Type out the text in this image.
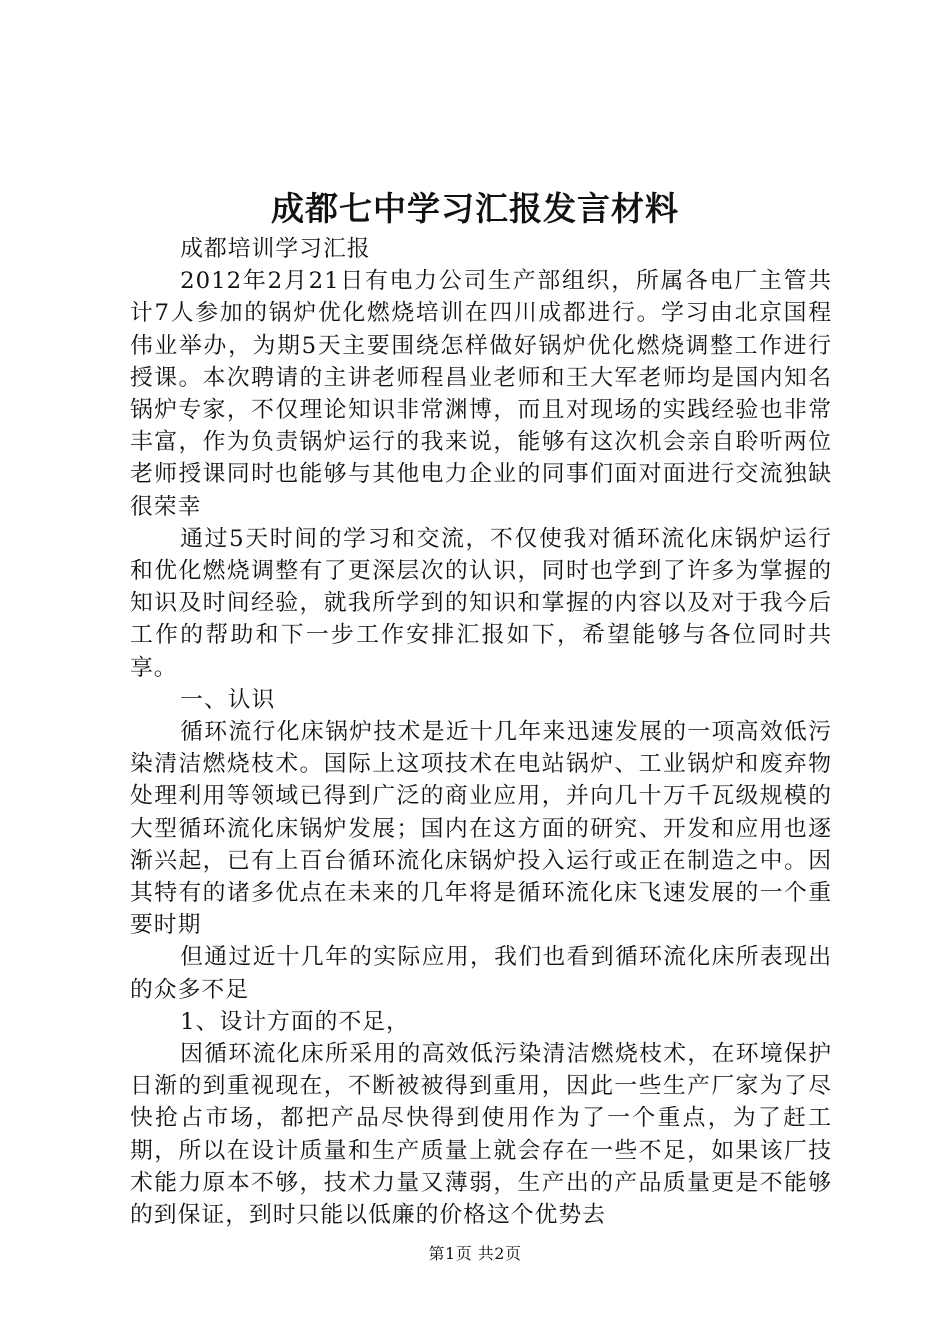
成都七中学习汇报发言材料

成都培训学习汇报

2012年2月21日有电力公司生产部组织，所属各电厂主管共计7人参加的锅炉优化燃烧培训在四川成都进行。学习由北京国程伟业举办，为期5天主要围绕怎样做好锅炉优化燃烧调整工作进行授课。本次聘请的主讲老师程昌业老师和王大军老师均是国内知名锅炉专家，不仅理论知识非常渊博，而且对现场的实践经验也非常丰富，作为负责锅炉运行的我来说，能够有这次机会亲自聆听两位老师授课同时也能够与其他电力企业的同事们面对面进行交流独缺很荣幸

通过5天时间的学习和交流，不仅使我对循环流化床锅炉运行和优化燃烧调整有了更深层次的认识，同时也学到了许多为掌握的知识及时间经验，就我所学到的知识和掌握的内容以及对于我今后工作的帮助和下一步工作安排汇报如下，希望能够与各位同时共享。

一、认识

循环流行化床锅炉技术是近十几年来迅速发展的一项高效低污染清洁燃烧枝术。国际上这项技术在电站锅炉、工业锅炉和废弃物处理利用等领域已得到广泛的商业应用，并向几十万千瓦级规模的大型循环流化床锅炉发展；国内在这方面的研究、开发和应用也逐渐兴起，已有上百台循环流化床锅炉投入运行或正在制造之中。因其特有的诸多优点在未来的几年将是循环流化床飞速发展的一个重要时期

但通过近十几年的实际应用，我们也看到循环流化床所表现出的众多不足

1、设计方面的不足，

因循环流化床所采用的高效低污染清洁燃烧枝术，在环境保护日渐的到重视现在，不断被被得到重用，因此一些生产厂家为了尽快抢占市场，都把产品尽快得到使用作为了一个重点，为了赶工期，所以在设计质量和生产质量上就会存在一些不足，如果该厂技术能力原本不够，技术力量又薄弱，生产出的产品质量更是不能够的到保证，到时只能以低廉的价格这个优势去

第1页 共2页
